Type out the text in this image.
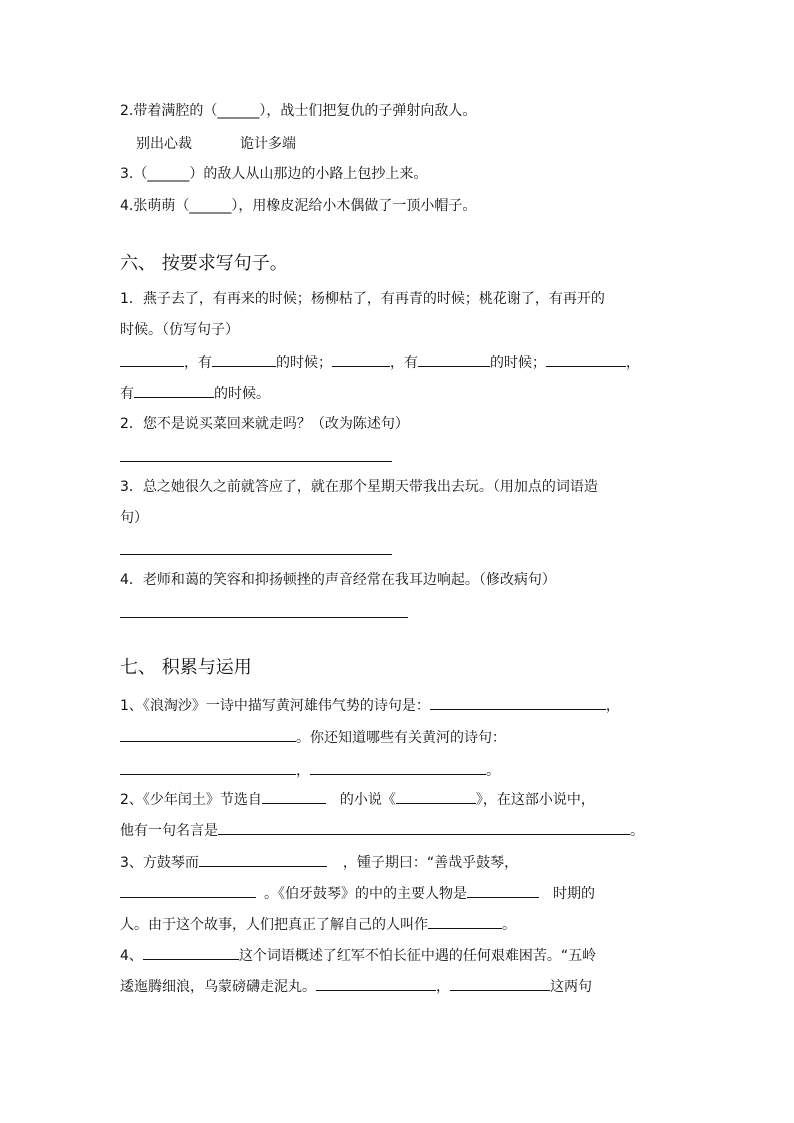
2.带着满腔的（______），战士们把复仇的子弹射向敌人。
别出心裁	诡计多端
3.（______）的敌人从山那边的小路上包抄上来。
4.张萌萌（______），用橡皮泥给小木偶做了一顶小帽子。
六、 按要求写句子。
1．燕子去了，有再来的时候；杨柳枯了，有再青的时候；桃花谢了，有再开的
时候。（仿写句子）
，有	的时候；	，有	的时候；	，
有	的时候。
2．您不是说买菜回来就走吗？（改为陈述句）
3．总之她很久之前就答应了，就在那个星期天带我出去玩。（用加点的词语造
句）
4．老师和蔼的笑容和抑扬顿挫的声音经常在我耳边响起。（修改病句）
七、 积累与运用
1、《浪淘沙》一诗中描写黄河雄伟气势的诗句是：	，
。你还知道哪些有关黄河的诗句：
，	。
2、《少年闰土》节选自	的小说《	》，在这部小说中，
他有一句名言是	。
3、方鼓琴而	，锺子期曰：“善哉乎鼓琴，
。《伯牙鼓琴》的中的主要人物是	时期的
人。由于这个故事，人们把真正了解自己的人叫作	。
4、	这个词语概述了红军不怕长征中遇的任何艰难困苦。“五岭
逶迤腾细浪，乌蒙磅礴走泥丸。	，	这两句
